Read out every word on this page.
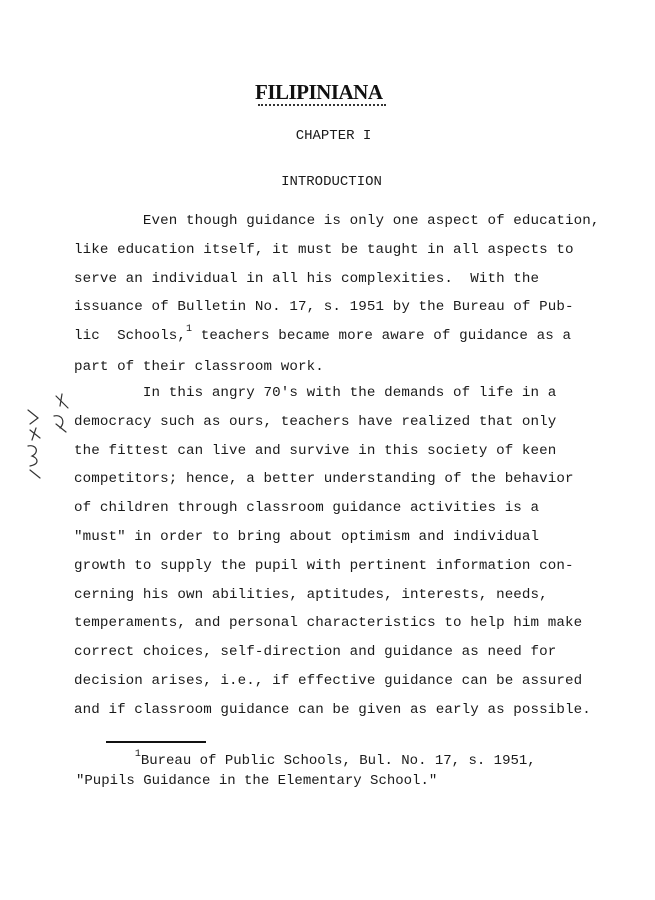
FILIPINIANA
CHAPTER I
INTRODUCTION
Even though guidance is only one aspect of education,
like education itself, it must be taught in all aspects to
serve an individual in all his complexities.  With the
issuance of Bulletin No. 17, s. 1951 by the Bureau of Pub-
lic  Schools,$^1$ teachers became more aware of guidance as a
part of their classroom work.
In this angry 70's with the demands of life in a
democracy such as ours, teachers have realized that only
the fittest can live and survive in this society of keen
competitors; hence, a better understanding of the behavior
of children through classroom guidance activities is a
"must" in order to bring about optimism and individual
growth to supply the pupil with pertinent information con-
cerning his own abilities, aptitudes, interests, needs,
temperaments, and personal characteristics to help him make
correct choices, self-direction and guidance as need for
decision arises, i.e., if effective guidance can be assured
and if classroom guidance can be given as early as possible.
$^1$Bureau of Public Schools, Bul. No. 17, s. 1951,
"Pupils Guidance in the Elementary School."
